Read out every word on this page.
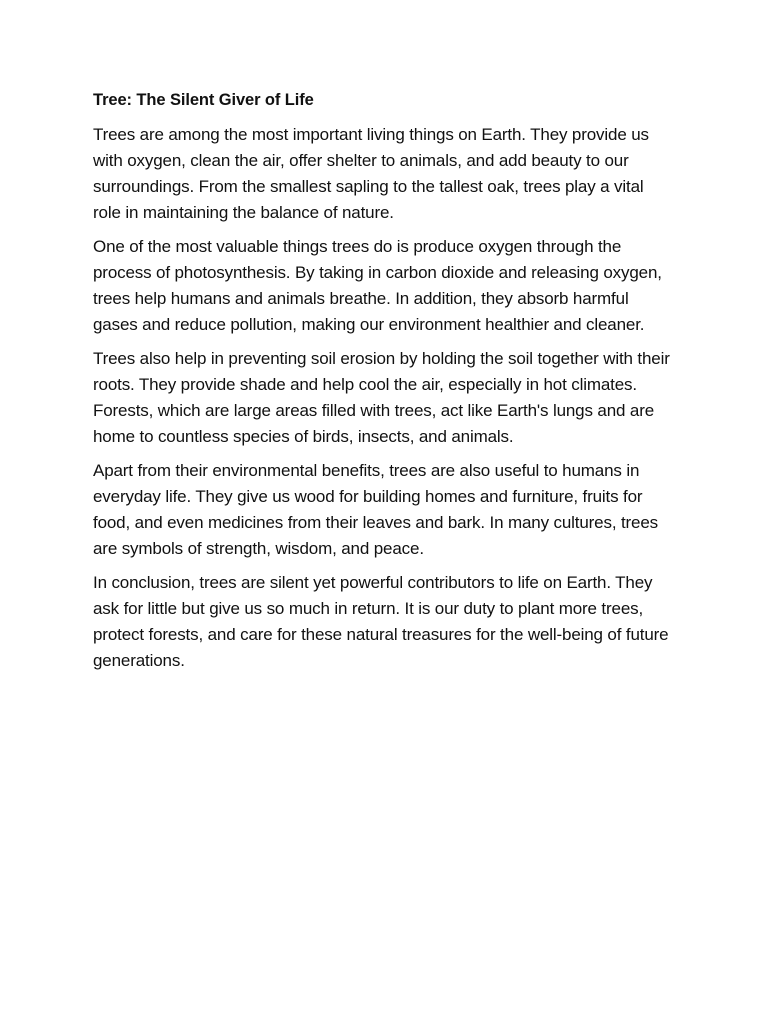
Tree: The Silent Giver of Life

Trees are among the most important living things on Earth. They provide us with oxygen, clean the air, offer shelter to animals, and add beauty to our surroundings. From the smallest sapling to the tallest oak, trees play a vital role in maintaining the balance of nature.

One of the most valuable things trees do is produce oxygen through the process of photosynthesis. By taking in carbon dioxide and releasing oxygen, trees help humans and animals breathe. In addition, they absorb harmful gases and reduce pollution, making our environment healthier and cleaner.

Trees also help in preventing soil erosion by holding the soil together with their roots. They provide shade and help cool the air, especially in hot climates. Forests, which are large areas filled with trees, act like Earth's lungs and are home to countless species of birds, insects, and animals.

Apart from their environmental benefits, trees are also useful to humans in everyday life. They give us wood for building homes and furniture, fruits for food, and even medicines from their leaves and bark. In many cultures, trees are symbols of strength, wisdom, and peace.

In conclusion, trees are silent yet powerful contributors to life on Earth. They ask for little but give us so much in return. It is our duty to plant more trees, protect forests, and care for these natural treasures for the well-being of future generations.
